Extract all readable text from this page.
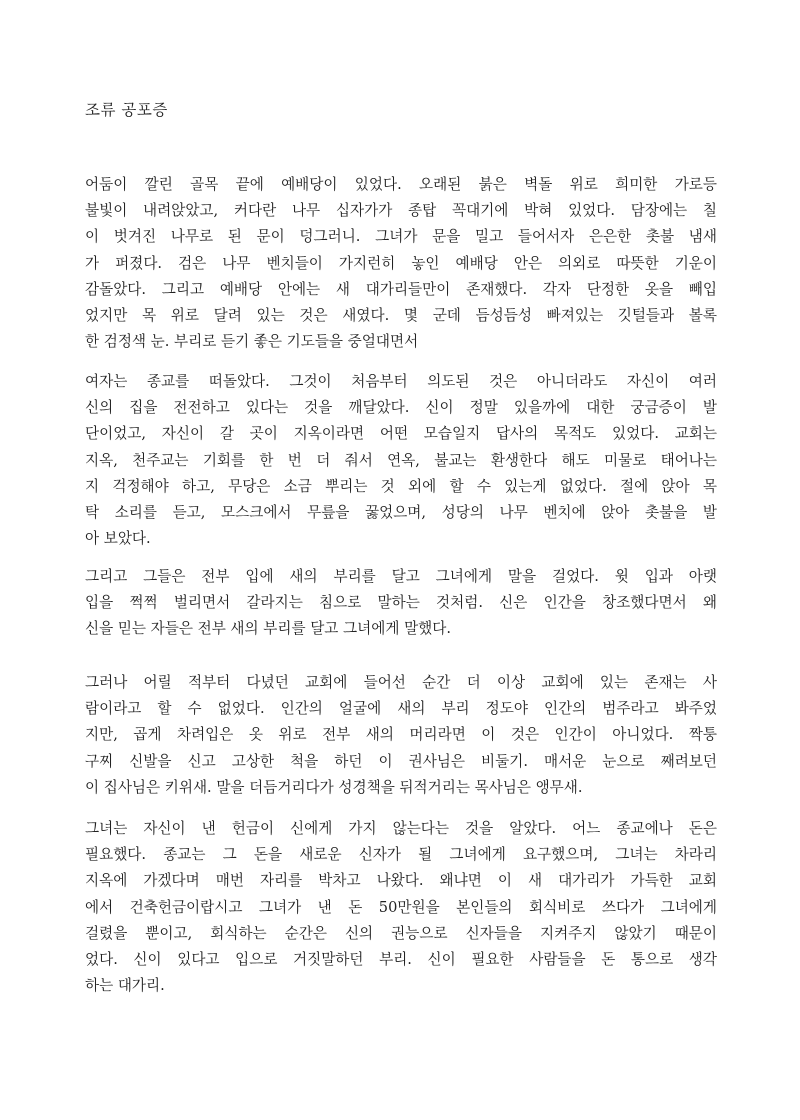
조류 공포증
어둠이 깔린 골목 끝에 예배당이 있었다. 오래된 붉은 벽돌 위로 희미한 가로등
불빛이 내려앉았고, 커다란 나무 십자가가 종탑 꼭대기에 박혀 있었다. 담장에는 칠
이 벗겨진 나무로 된 문이 덩그러니. 그녀가 문을 밀고 들어서자 은은한 촛불 냄새
가 퍼졌다. 검은 나무 벤치들이 가지런히 놓인 예배당 안은 의외로 따뜻한 기운이
감돌았다. 그리고 예배당 안에는 새 대가리들만이 존재했다. 각자 단정한 옷을 빼입
었지만 목 위로 달려 있는 것은 새였다. 몇 군데 듬성듬성 빠져있는 깃털들과 볼록
한 검정색 눈. 부리로 듣기 좋은 기도들을 중얼대면서
여자는 종교를 떠돌았다. 그것이 처음부터 의도된 것은 아니더라도 자신이 여러
신의 집을 전전하고 있다는 것을 깨달았다. 신이 정말 있을까에 대한 궁금증이 발
단이었고, 자신이 갈 곳이 지옥이라면 어떤 모습일지 답사의 목적도 있었다. 교회는
지옥, 천주교는 기회를 한 번 더 줘서 연옥, 불교는 환생한다 해도 미물로 태어나는
지 걱정해야 하고, 무당은 소금 뿌리는 것 외에 할 수 있는게 없었다. 절에 앉아 목
탁 소리를 듣고, 모스크에서 무릎을 꿇었으며, 성당의 나무 벤치에 앉아 촛불을 발
아 보았다.
그리고 그들은 전부 입에 새의 부리를 달고 그녀에게 말을 걸었다. 윗 입과 아랫
입을 쩍쩍 벌리면서 갈라지는 침으로 말하는 것처럼. 신은 인간을 창조했다면서 왜
신을 믿는 자들은 전부 새의 부리를 달고 그녀에게 말했다.
그러나 어릴 적부터 다녔던 교회에 들어선 순간 더 이상 교회에 있는 존재는 사
람이라고 할 수 없었다. 인간의 얼굴에 새의 부리 정도야 인간의 범주라고 봐주었
지만, 곱게 차려입은 옷 위로 전부 새의 머리라면 이 것은 인간이 아니었다. 짝퉁
구찌 신발을 신고 고상한 척을 하던 이 권사님은 비둘기. 매서운 눈으로 째려보던
이 집사님은 키위새. 말을 더듬거리다가 성경책을 뒤적거리는 목사님은 앵무새.
그녀는 자신이 낸 헌금이 신에게 가지 않는다는 것을 알았다. 어느 종교에나 돈은
필요했다. 종교는 그 돈을 새로운 신자가 될 그녀에게 요구했으며, 그녀는 차라리
지옥에 가겠다며 매번 자리를 박차고 나왔다. 왜냐면 이 새 대가리가 가득한 교회
에서 건축헌금이랍시고 그녀가 낸 돈 50만원을 본인들의 회식비로 쓰다가 그녀에게
걸렸을 뿐이고, 회식하는 순간은 신의 권능으로 신자들을 지켜주지 않았기 때문이
었다. 신이 있다고 입으로 거짓말하던 부리. 신이 필요한 사람들을 돈 통으로 생각
하는 대가리.
